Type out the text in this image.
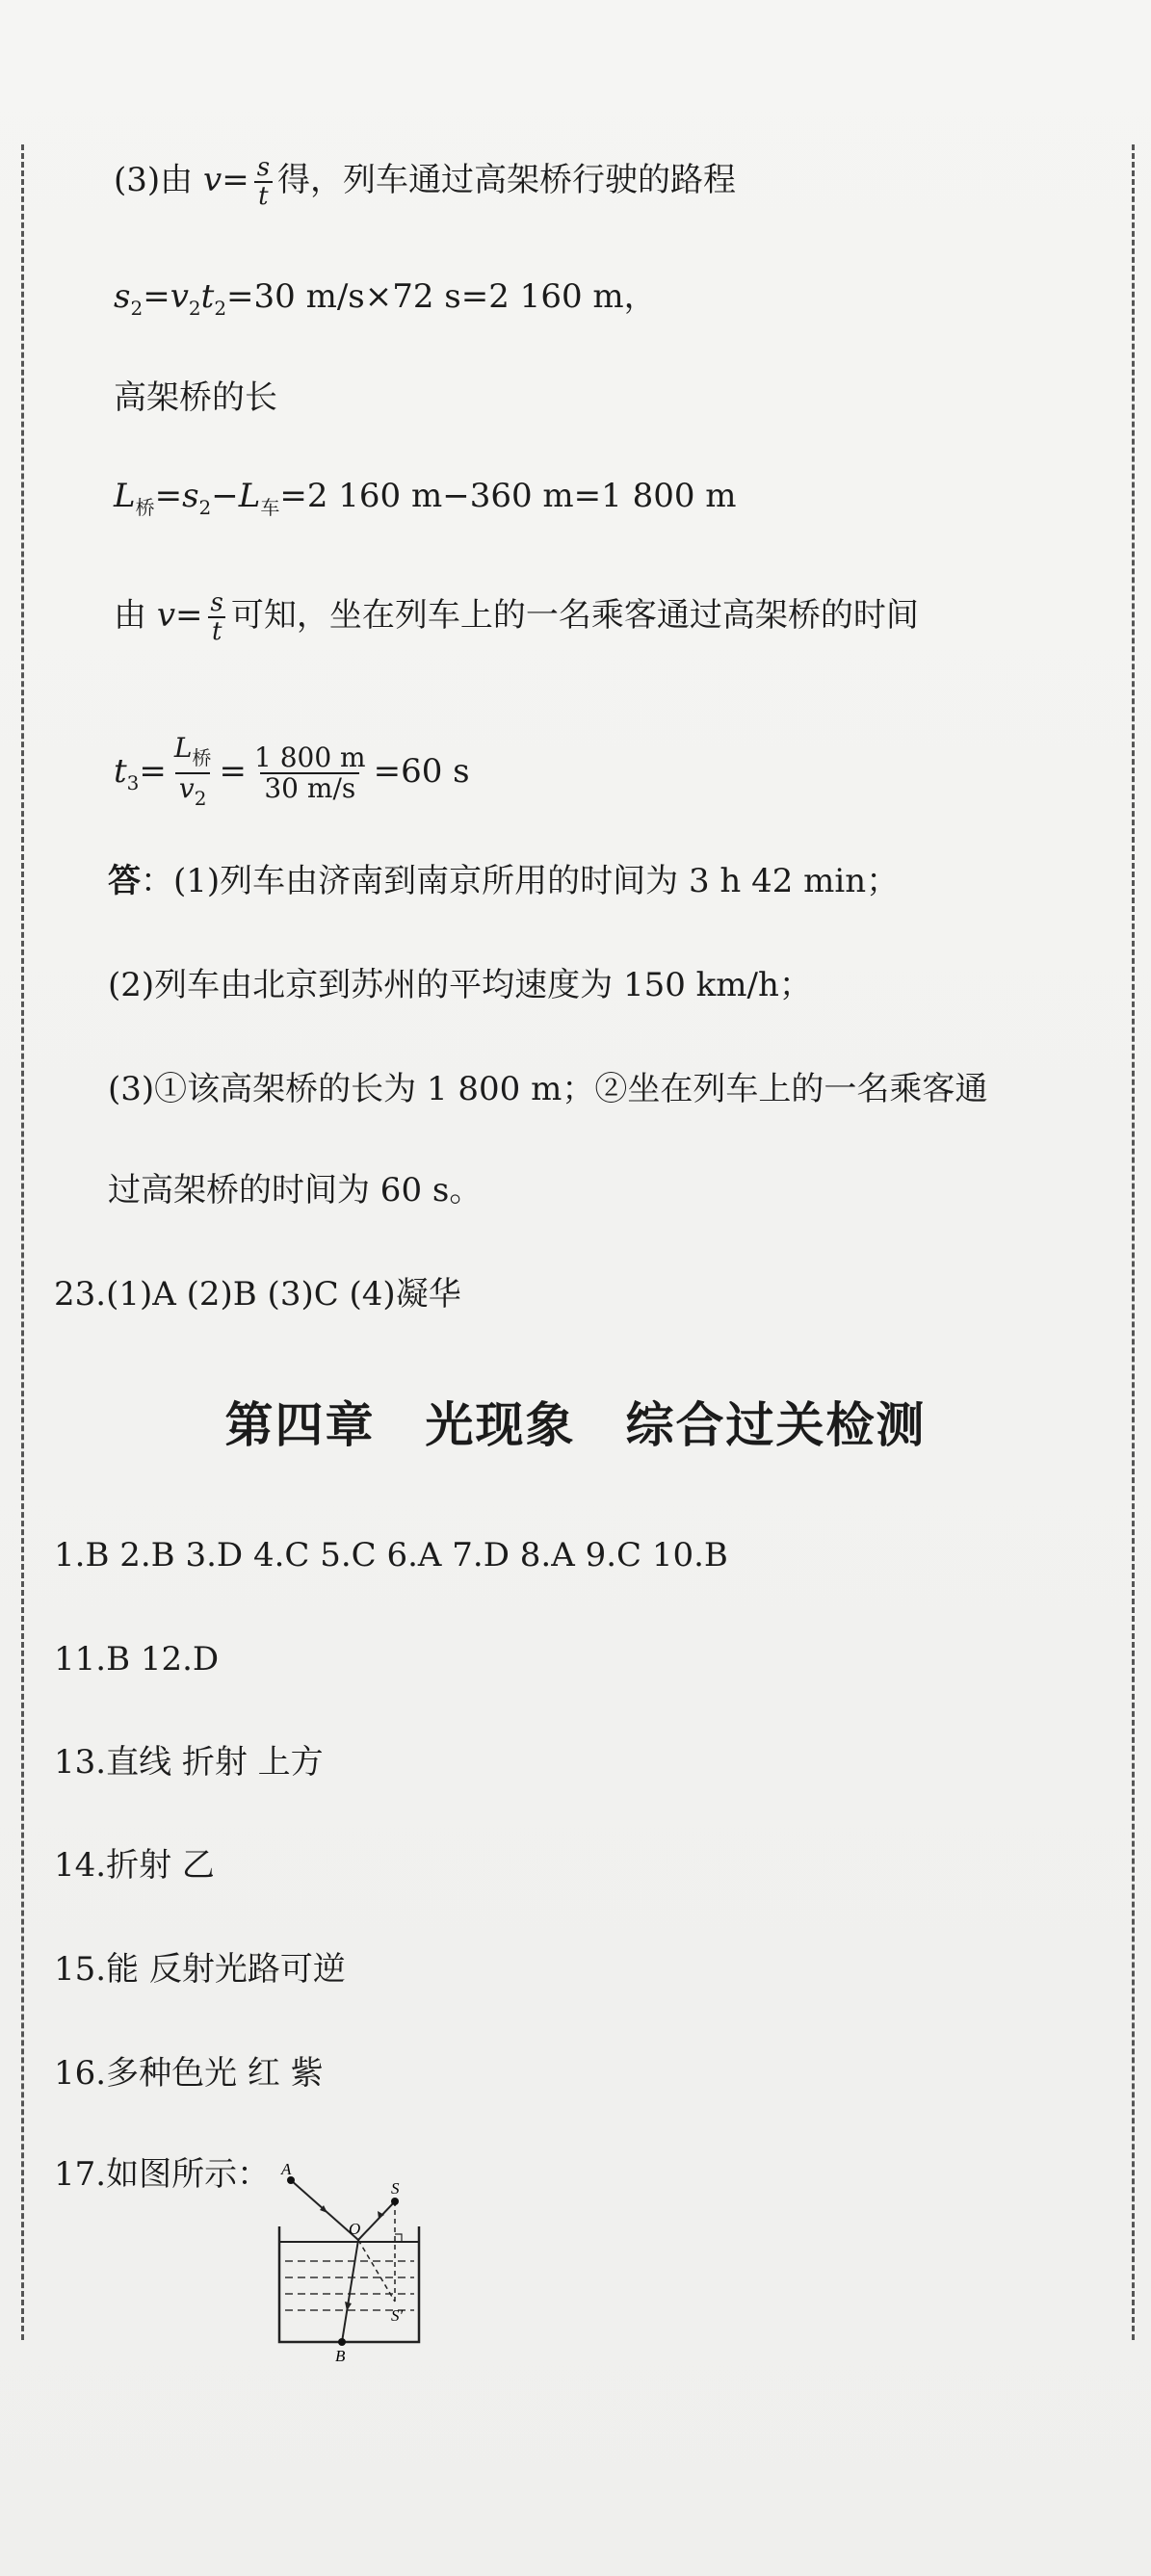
(3)由 $v= \frac{s}{t}$ 得，列车通过高架桥行驶的路程
$s_2=v_2t_2=30$ m/s×72 s=2 160 m，
高架桥的长
$L_桥=s_2-L_车=2$ 160 m−360 m=1 800 m
由 $v= \frac{s}{t}$ 可知，坐在列车上的一名乘客通过高架桥的时间
$t_3= \frac{L_桥}{v_2} = \frac{1 800 m}{30 m/s} =60$ s
答：(1)列车由济南到南京所用的时间为 3 h 42 min；
(2)列车由北京到苏州的平均速度为 150 km/h；
(3)①该高架桥的长为 1 800 m；②坐在列车上的一名乘客通
过高架桥的时间为 60 s。
23.(1)A (2)B (3)C (4)凝华
第四章　光现象　综合过关检测
1.B 2.B 3.D 4.C 5.C 6.A 7.D 8.A 9.C 10.B
11.B 12.D
13.直线 折射 上方
14.折射 乙
15.能 反射光路可逆
16.多种色光 红 紫
17.如图所示： A
O
S
S′
B
